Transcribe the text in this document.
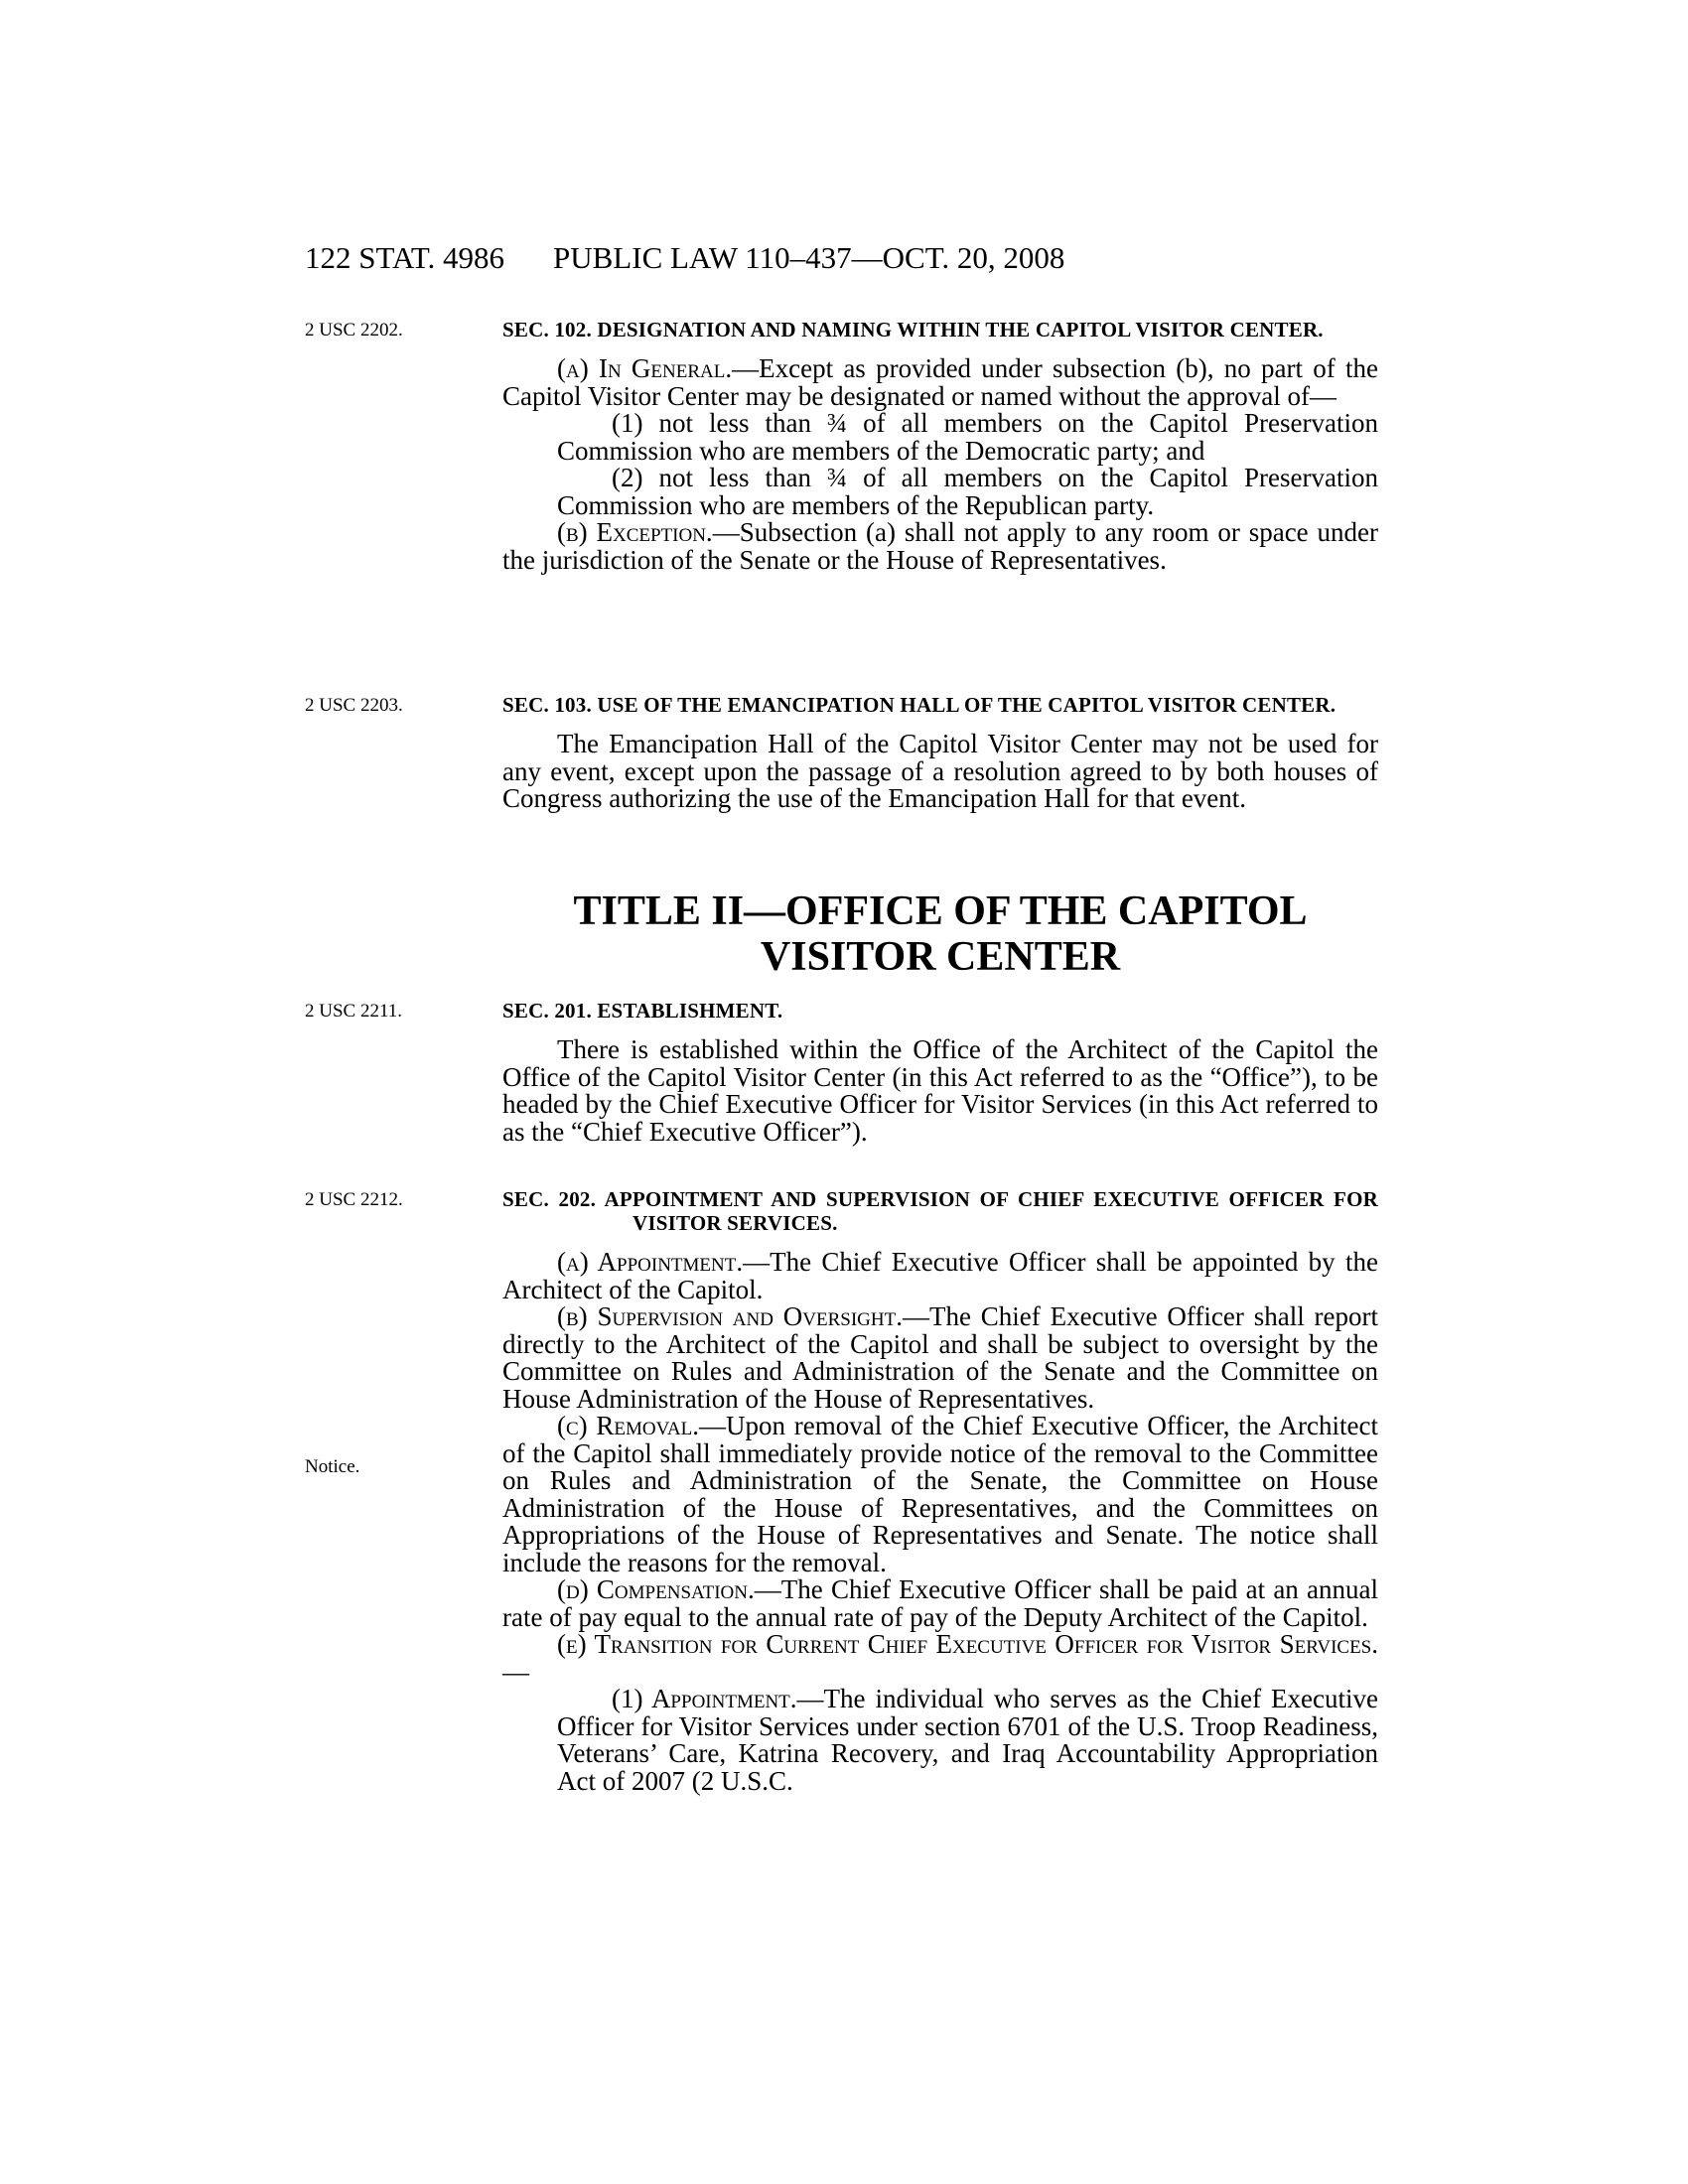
122 STAT. 4986 PUBLIC LAW 110–437—OCT. 20, 2008
2 USC 2202.
2 USC 2203.
2 USC 2211.
2 USC 2212.
Notice.
SEC. 102. DESIGNATION AND NAMING WITHIN THE CAPITOL VISITOR CENTER.

(a) In General.—Except as provided under subsection (b), no part of the Capitol Visitor Center may be designated or named without the approval of—

(1) not less than ¾ of all members on the Capitol Preservation Commission who are members of the Democratic party; and

(2) not less than ¾ of all members on the Capitol Preservation Commission who are members of the Republican party.

(b) Exception.—Subsection (a) shall not apply to any room or space under the jurisdiction of the Senate or the House of Representatives.

SEC. 103. USE OF THE EMANCIPATION HALL OF THE CAPITOL VISITOR CENTER.

The Emancipation Hall of the Capitol Visitor Center may not be used for any event, except upon the passage of a resolution agreed to by both houses of Congress authorizing the use of the Emancipation Hall for that event.

TITLE II—OFFICE OF THE CAPITOL
VISITOR CENTER
SEC. 201. ESTABLISHMENT.

There is established within the Office of the Architect of the Capitol the Office of the Capitol Visitor Center (in this Act referred to as the “Office”), to be headed by the Chief Executive Officer for Visitor Services (in this Act referred to as the “Chief Executive Officer”).

SEC. 202. APPOINTMENT AND SUPERVISION OF CHIEF EXECUTIVE OFFICER FOR VISITOR SERVICES.

(a) Appointment.—The Chief Executive Officer shall be appointed by the Architect of the Capitol.

(b) Supervision and Oversight.—The Chief Executive Officer shall report directly to the Architect of the Capitol and shall be subject to oversight by the Committee on Rules and Administration of the Senate and the Committee on House Administration of the House of Representatives.

(c) Removal.—Upon removal of the Chief Executive Officer, the Architect of the Capitol shall immediately provide notice of the removal to the Committee on Rules and Administration of the Senate, the Committee on House Administration of the House of Representatives, and the Committees on Appropriations of the House of Representatives and Senate. The notice shall include the reasons for the removal.

(d) Compensation.—The Chief Executive Officer shall be paid at an annual rate of pay equal to the annual rate of pay of the Deputy Architect of the Capitol.

(e) Transition for Current Chief Executive Officer for Visitor Services.—

(1) Appointment.—The individual who serves as the Chief Executive Officer for Visitor Services under section 6701 of the U.S. Troop Readiness, Veterans’ Care, Katrina Recovery, and Iraq Accountability Appropriation Act of 2007 (2 U.S.C.
